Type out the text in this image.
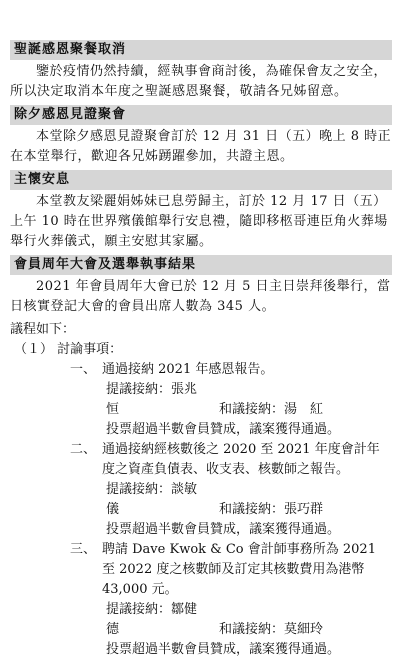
聖誕感恩聚餐取消

鑒於疫情仍然持續，經執事會商討後，為確保會友之安全，所以決定取消本年度之聖誕感恩聚餐，敬請各兄姊留意。

除夕感恩見證聚會

本堂除夕感恩見證聚會訂於 12 月 31 日（五）晚上 8 時正在本堂舉行，歡迎各兄姊踴躍參加，共證主恩。

主懷安息

本堂教友梁麗娟姊妹已息勞歸主，訂於 12 月 17 日（五）上午 10 時在世界殯儀館舉行安息禮，隨即移柩哥連臣角火葬場舉行火葬儀式，願主安慰其家屬。

會員周年大會及選舉執事結果

2021 年會員周年大會已於 12 月 5 日主日崇拜後舉行，當日核實登記大會的會員出席人數為 345 人。

議程如下：

（１） 討論事項：

一、 通過接納 2021 年感恩報告。

提議接納：張兆恒　	和議接納：湯　紅

投票超過半數會員贊成，議案獲得通過。

二、 通過接納經核數後之 2020 至 2021 年度會計年度之資產負債表、收支表、核數師之報告。

提議接納：談敏儀　	和議接納：張巧群

投票超過半數會員贊成，議案獲得通過。

三、 聘請 Dave Kwok & Co 會計師事務所為 2021 至 2022 度之核數師及訂定其核數費用為港幣 43,000 元。

提議接納：鄒健德　	和議接納：莫細玲

投票超過半數會員贊成，議案獲得通過。
